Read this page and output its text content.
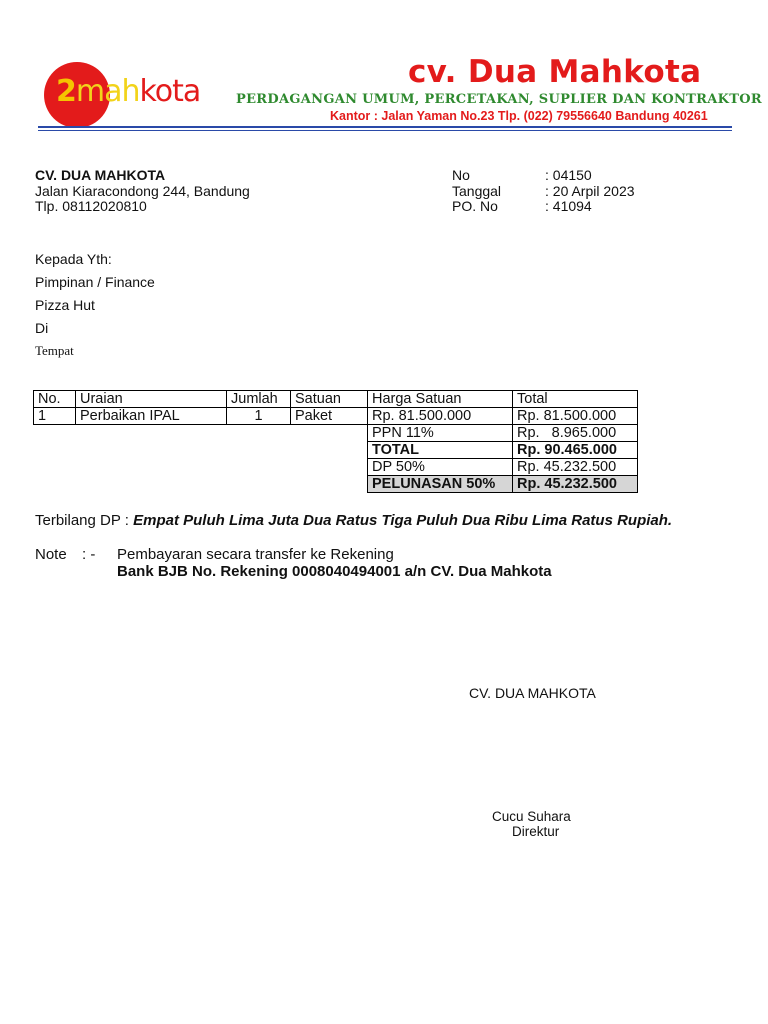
2mahkota
cv. Dua Mahkota
PERDAGANGAN UMUM, PERCETAKAN, SUPLIER DAN KONTRAKTOR
Kantor : Jalan Yaman No.23 Tlp. (022) 79556640 Bandung 40261
CV. DUA MAHKOTA
Jalan Kiaracondong 244, Bandung
Tlp. 08112020810
No	: 04150
Tanggal	: 20 Arpil 2023
PO. No	: 41094
Kepada Yth:
Pimpinan / Finance
Pizza Hut
Di
Tempat
No.	Uraian	Jumlah	Satuan	Harga Satuan	Total
1	Perbaikan IPAL	1	Paket	Rp. 81.500.000	Rp. 81.500.000
				PPN 11%	Rp.   8.965.000
				TOTAL	Rp. 90.465.000
				DP 50%	Rp. 45.232.500
				PELUNASAN 50%	Rp. 45.232.500
Terbilang DP : Empat Puluh Lima Juta Dua Ratus Tiga Puluh Dua Ribu Lima Ratus Rupiah.
Note : - Pembayaran secara transfer ke Rekening
Bank BJB No. Rekening 0008040494001 a/n CV. Dua Mahkota
CV. DUA MAHKOTA
Cucu Suhara
Direktur
